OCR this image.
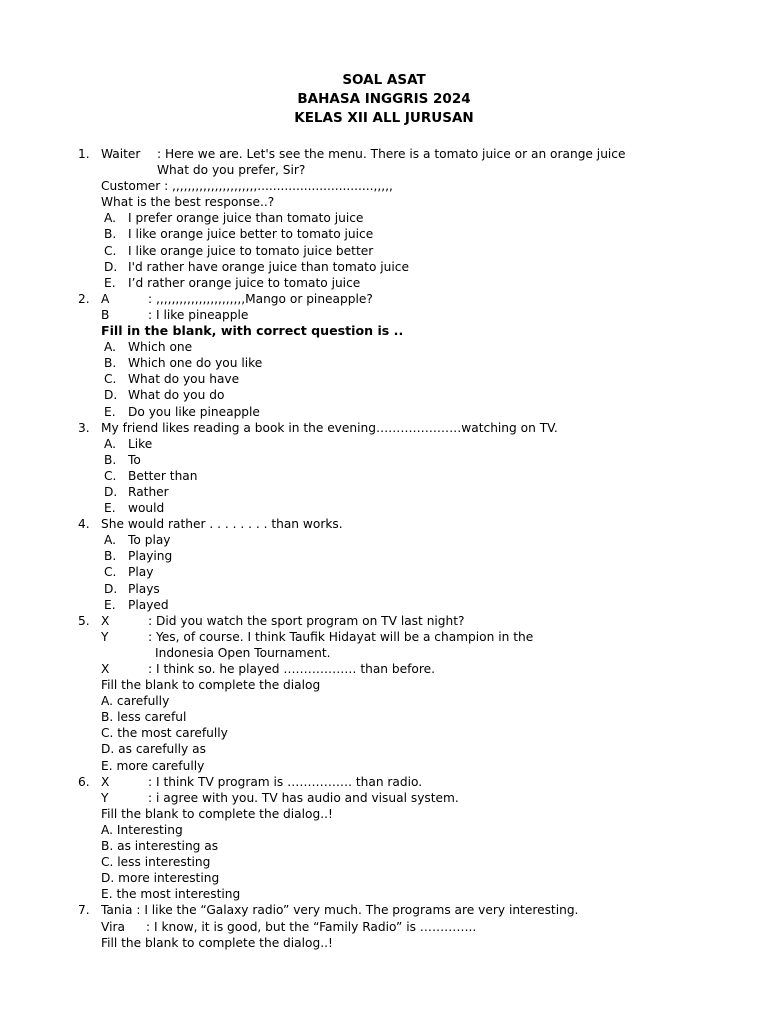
SOAL ASAT
BAHASA INGGRIS 2024
KELAS XII ALL JURUSAN
1. Waiter : Here we are. Let's see the menu. There is a tomato juice or an orange juice
What do you prefer, Sir?
Customer : ,,,,,,,,,,,,,,,,,,,,,,..............................,,,,,
What is the best response..?
A. I prefer orange juice than tomato juice
B. I like orange juice better to tomato juice
C. I like orange juice to tomato juice better
D. I'd rather have orange juice than tomato juice
E. I’d rather orange juice to tomato juice
2. A	: ,,,,,,,,,,,,,,,,,,,,,,,Mango or pineapple?
B	: I like pineapple
Fill in the blank, with correct question is ..
A. Which one
B. Which one do you like
C. What do you have
D. What do you do
E. Do you like pineapple
3. My friend likes reading a book in the evening…………………watching on TV.
A. Like
B. To
C. Better than
D. Rather
E. would
4. She would rather . . . . . . . . than works.
A. To play
B. Playing
C. Play
D. Plays
E. Played
5. X	: Did you watch the sport program on TV last night?
Y	: Yes, of course. I think Taufik Hidayat will be a champion in the
Indonesia Open Tournament.
X	: I think so. he played ……………… than before.
Fill the blank to complete the dialog
A. carefully
B. less careful
C. the most carefully
D. as carefully as
E. more carefully
6. X	: I think TV program is ……………. than radio.
Y	: i agree with you. TV has audio and visual system.
Fill the blank to complete the dialog..!
A. Interesting
B. as interesting as
C. less interesting
D. more interesting
E. the most interesting
7. Tania : I like the “Galaxy radio” very much. The programs are very interesting.
Vira : I know, it is good, but the “Family Radio” is …………..
Fill the blank to complete the dialog..!
